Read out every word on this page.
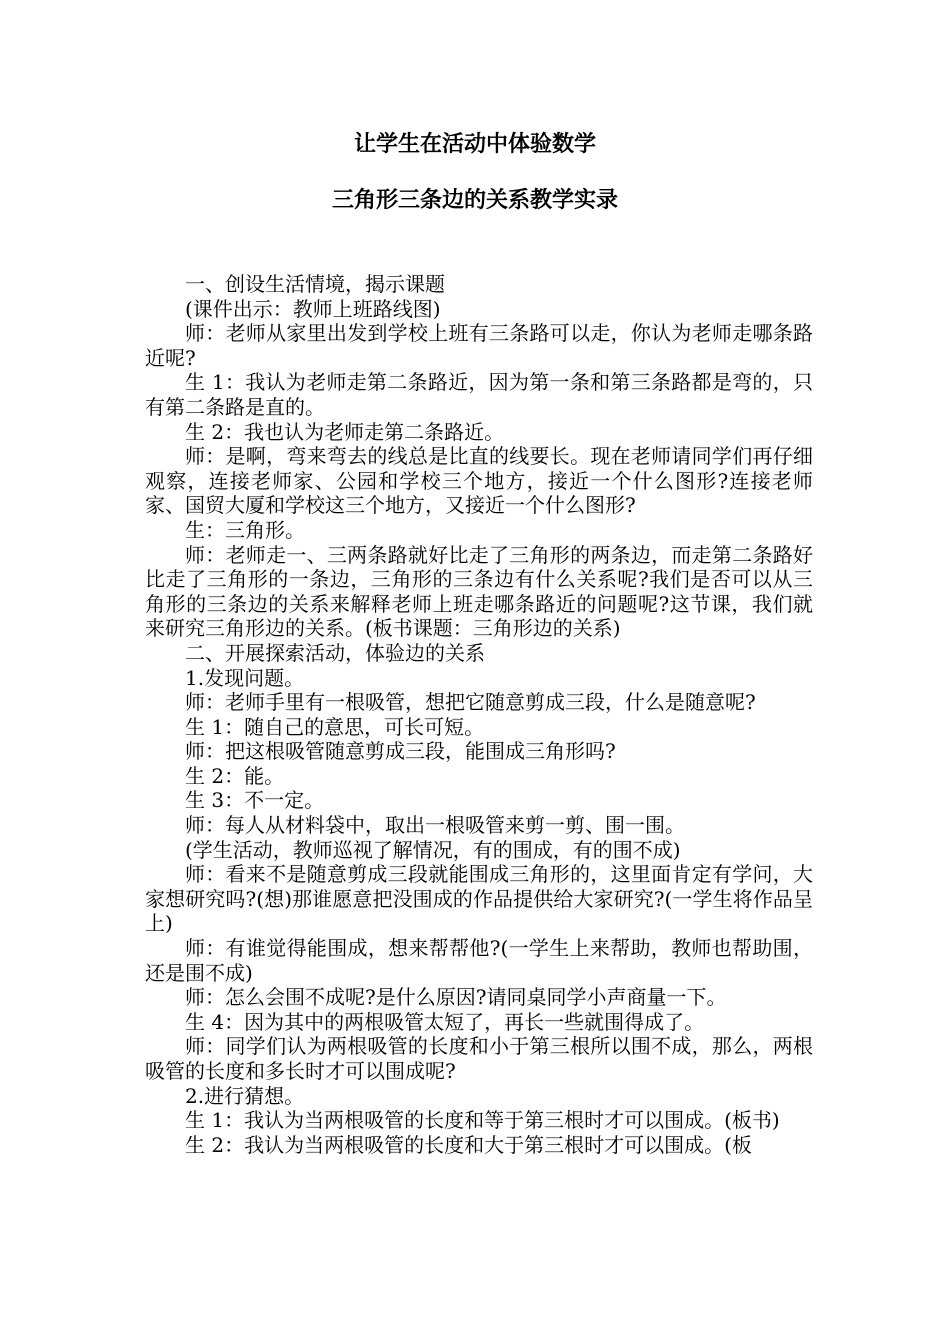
让学生在活动中体验数学
三角形三条边的关系教学实录

一、创设生活情境，揭示课题

(课件出示：教师上班路线图)

师：老师从家里出发到学校上班有三条路可以走，你认为老师走哪条路近呢?

生 1：我认为老师走第二条路近，因为第一条和第三条路都是弯的，只有第二条路是直的。

生 2：我也认为老师走第二条路近。

师：是啊，弯来弯去的线总是比直的线要长。现在老师请同学们再仔细观察，连接老师家、公园和学校三个地方，接近一个什么图形?连接老师家、国贸大厦和学校这三个地方，又接近一个什么图形?

生：三角形。

师：老师走一、三两条路就好比走了三角形的两条边，而走第二条路好比走了三角形的一条边，三角形的三条边有什么关系呢?我们是否可以从三角形的三条边的关系来解释老师上班走哪条路近的问题呢?这节课，我们就来研究三角形边的关系。(板书课题：三角形边的关系)

二、开展探索活动，体验边的关系

1.发现问题。

师：老师手里有一根吸管，想把它随意剪成三段，什么是随意呢?

生 1：随自己的意思，可长可短。

师：把这根吸管随意剪成三段，能围成三角形吗?

生 2：能。

生 3：不一定。

师：每人从材料袋中，取出一根吸管来剪一剪、围一围。

(学生活动，教师巡视了解情况，有的围成，有的围不成)

师：看来不是随意剪成三段就能围成三角形的，这里面肯定有学问，大家想研究吗?(想)那谁愿意把没围成的作品提供给大家研究?(一学生将作品呈上)

师：有谁觉得能围成，想来帮帮他?(一学生上来帮助，教师也帮助围，还是围不成)

师：怎么会围不成呢?是什么原因?请同桌同学小声商量一下。

生 4：因为其中的两根吸管太短了，再长一些就围得成了。

师：同学们认为两根吸管的长度和小于第三根所以围不成，那么，两根吸管的长度和多长时才可以围成呢?

2.进行猜想。

生 1：我认为当两根吸管的长度和等于第三根时才可以围成。(板书)

生 2：我认为当两根吸管的长度和大于第三根时才可以围成。(板
